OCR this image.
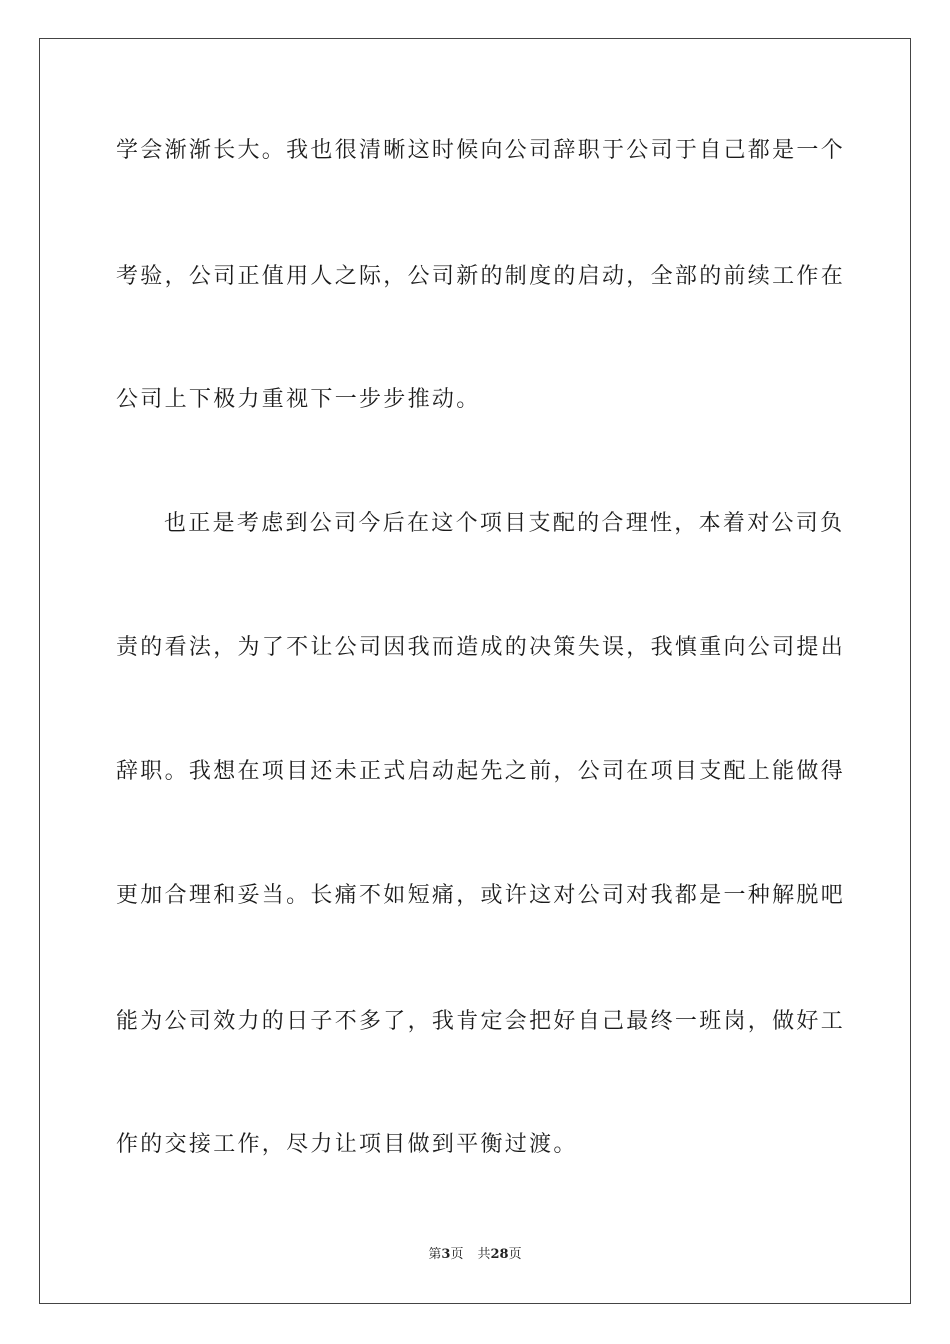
学会渐渐长大。我也很清晰这时候向公司辞职于公司于自己都是一个
考验，公司正值用人之际，公司新的制度的启动，全部的前续工作在
公司上下极力重视下一步步推动。
也正是考虑到公司今后在这个项目支配的合理性，本着对公司负
责的看法，为了不让公司因我而造成的决策失误，我慎重向公司提出
辞职。我想在项目还未正式启动起先之前，公司在项目支配上能做得
更加合理和妥当。长痛不如短痛，或许这对公司对我都是一种解脱吧
能为公司效力的日子不多了，我肯定会把好自己最终一班岗，做好工
作的交接工作，尽力让项目做到平衡过渡。
第3页 共28页
